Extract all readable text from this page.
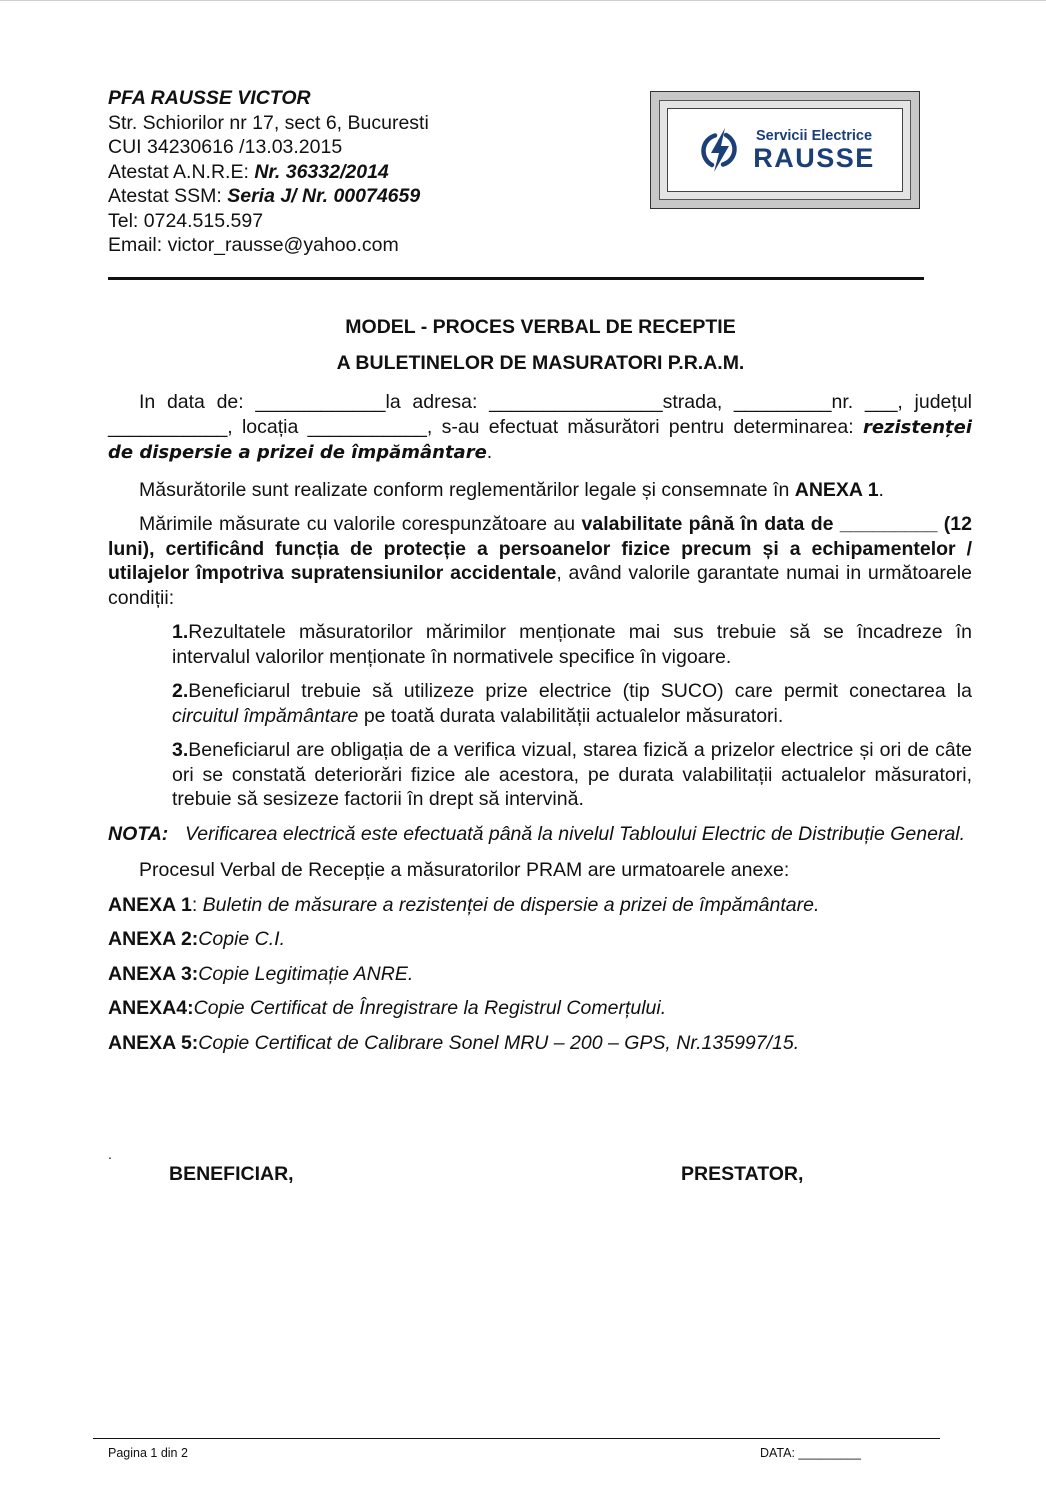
PFA RAUSSE VICTOR
Str. Schiorilor nr 17, sect 6, Bucuresti
CUI 34230616 /13.03.2015
Atestat A.N.R.E: Nr. 36332/2014
Atestat SSM: Seria J/ Nr. 00074659
Tel: 0724.515.597
Email: victor_rausse@yahoo.com
Servicii Electrice
RAUSSE
MODEL - PROCES VERBAL DE RECEPTIE
A BULETINELOR DE MASURATORI P.R.A.M.

In data de: ____________la adresa: ________________strada, _________nr. ___, județul ___________, locația ___________, s-au efectuat măsurători pentru determinarea: rezistenței de dispersie a prizei de împământare.

Măsurătorile sunt realizate conform reglementărilor legale și consemnate în ANEXA 1.

Mărimile măsurate cu valorile corespunzătoare au valabilitate până în data de _________ (12 luni), certificând funcția de protecție a persoanelor fizice precum și a echipamentelor / utilajelor împotriva supratensiunilor accidentale, având valorile garantate numai in următoarele condiții:

1.Rezultatele măsuratorilor mărimilor menționate mai sus trebuie să se încadreze în intervalul valorilor menționate în normativele specifice în vigoare.

2.Beneficiarul trebuie să utilizeze prize electrice (tip SUCO) care permit conectarea la circuitul împământare pe toată durata valabilității actualelor măsuratori.

3.Beneficiarul are obligația de a verifica vizual, starea fizică a prizelor electrice și ori de câte ori se constată deteriorări fizice ale acestora, pe durata valabilitații actualelor măsuratori, trebuie să sesizeze factorii în drept să intervină.

NOTA: Verificarea electrică este efectuată până la nivelul Tabloului Electric de Distribuție General.

Procesul Verbal de Recepție a măsuratorilor PRAM are urmatoarele anexe:

ANEXA 1: Buletin de măsurare a rezistenței de dispersie a prizei de împământare.

ANEXA 2:Copie C.I.

ANEXA 3:Copie Legitimație ANRE.

ANEXA4:Copie Certificat de Înregistrare la Registrul Comerțului.

ANEXA 5:Copie Certificat de Calibrare Sonel MRU – 200 – GPS, Nr.135997/15.

.
BENEFICIAR,	PRESTATOR,
Pagina 1 din 2	DATA: _________
